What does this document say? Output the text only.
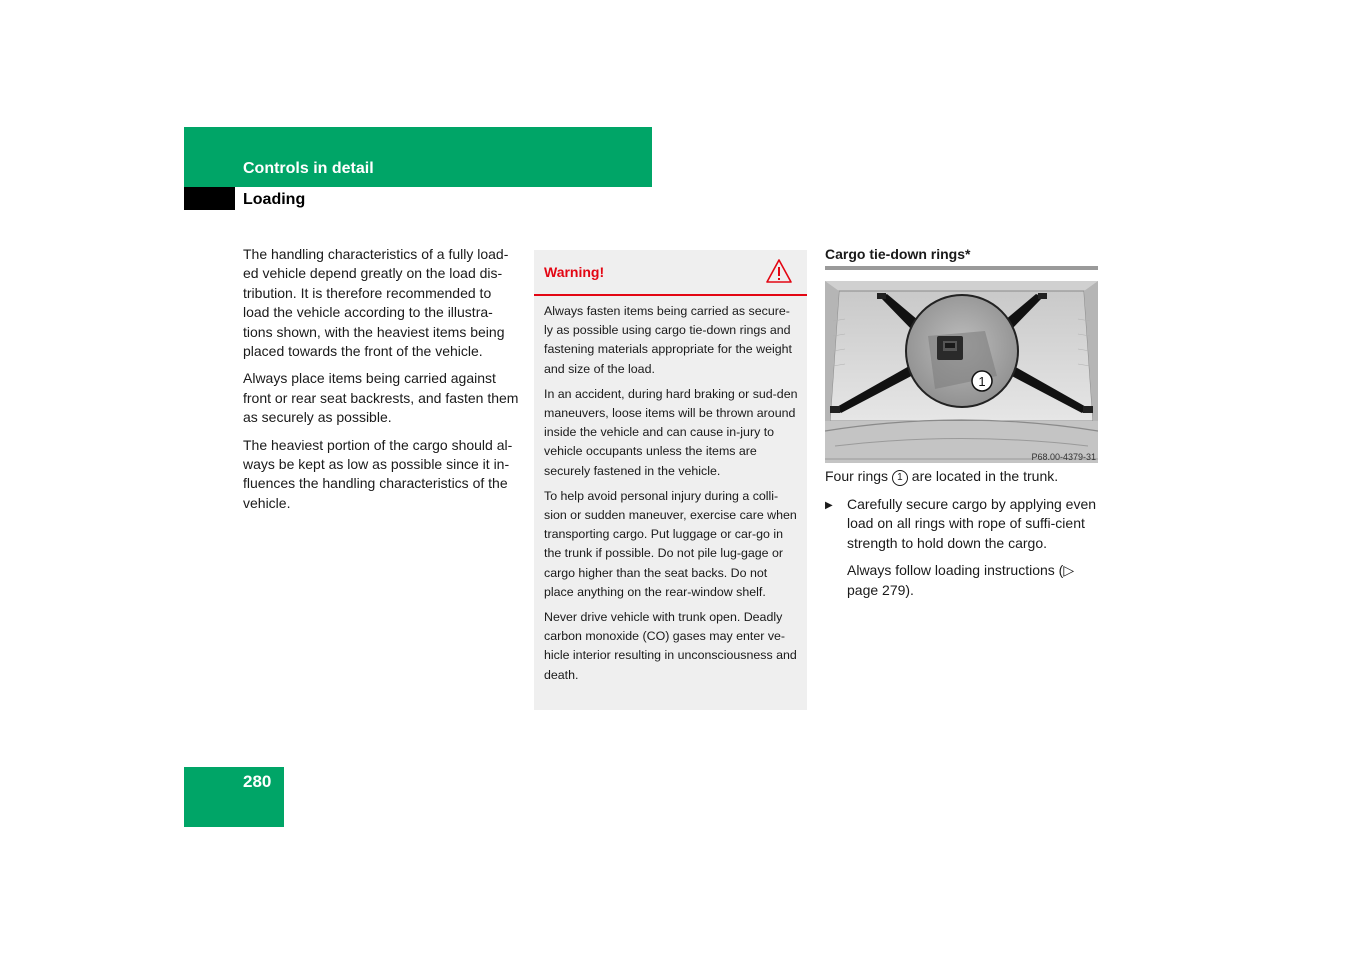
Controls in detail
Loading

The handling characteristics of a fully load-ed vehicle depend greatly on the load dis-tribution. It is therefore recommended to load the vehicle according to the illustra-tions shown, with the heaviest items being placed towards the front of the vehicle.

Always place items being carried against front or rear seat backrests, and fasten them as securely as possible.

The heaviest portion of the cargo should al-ways be kept as low as possible since it in-fluences the handling characteristics of the vehicle.

Warning!

Always fasten items being carried as secure-ly as possible using cargo tie-down rings and fastening materials appropriate for the weight and size of the load.

In an accident, during hard braking or sud-den maneuvers, loose items will be thrown around inside the vehicle and can cause in-jury to vehicle occupants unless the items are securely fastened in the vehicle.

To help avoid personal injury during a colli-sion or sudden maneuver, exercise care when transporting cargo. Put luggage or car-go in the trunk if possible. Do not pile lug-gage or cargo higher than the seat backs. Do not place anything on the rear-window shelf.

Never drive vehicle with trunk open. Deadly carbon monoxide (CO) gases may enter ve-hicle interior resulting in unconsciousness and death.

Cargo tie-down rings*
1
P68.00-4379-31
Four rings 1 are located in the trunk.
▶	Carefully secure cargo by applying even load on all rings with rope of suffi-cient strength to hold down the cargo.
Always follow loading instructions (▷ page 279).
280
